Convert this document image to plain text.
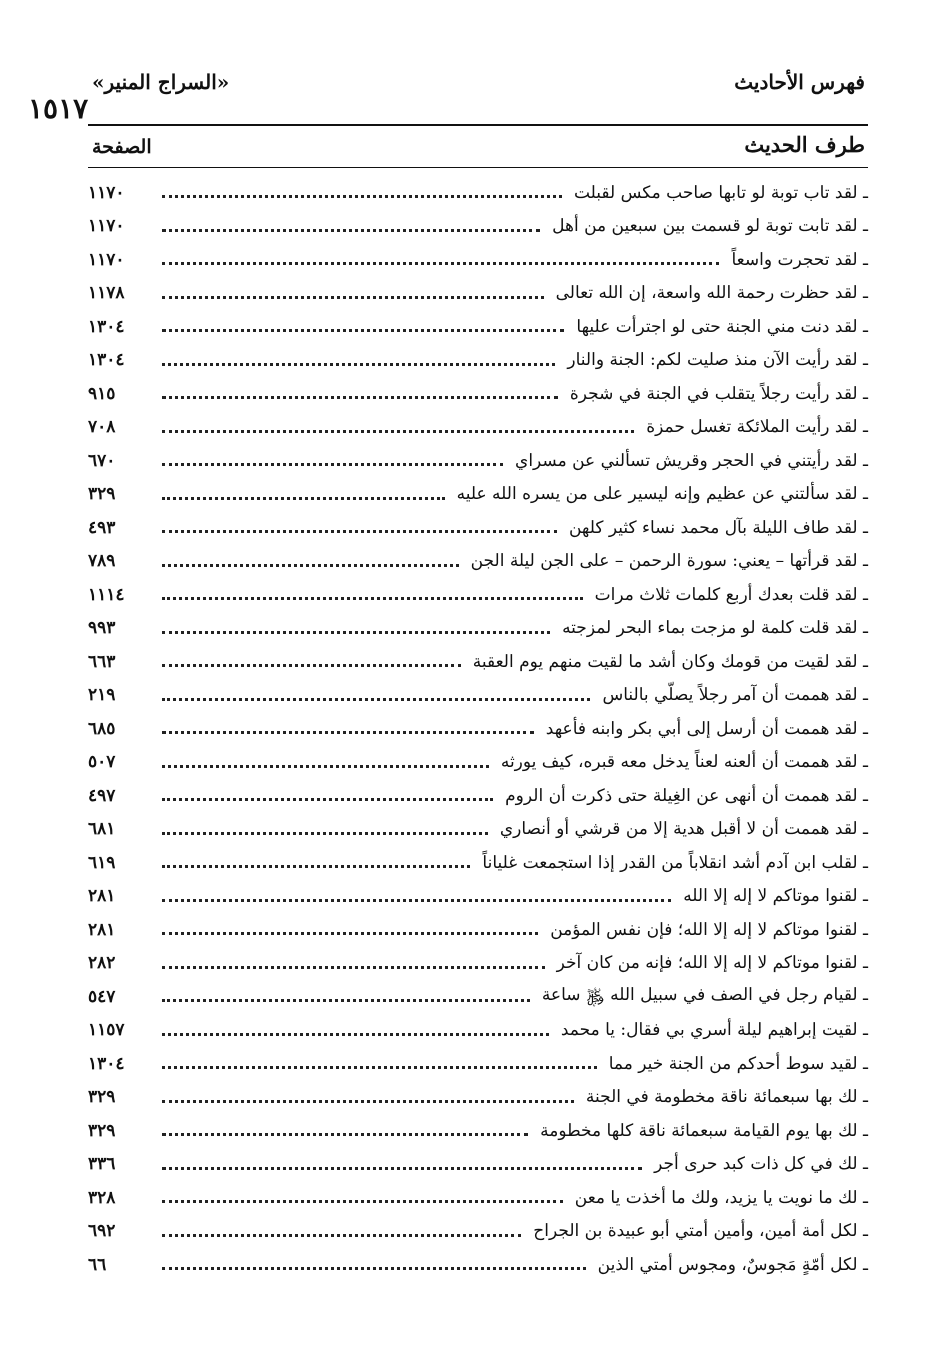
فهرس الأحاديث
«السراج المنير»
١٥١٧
طرف الحديث
الصفحة
ـ لقد تاب توبة لو تابها صاحب مكس لقبلت
١١٧٠
ـ لقد تابت توبة لو قسمت بين سبعين من أهل
١١٧٠
ـ لقد تحجرت واسعاً
١١٧٠
ـ لقد حظرت رحمة الله واسعة، إن الله تعالى
١١٧٨
ـ لقد دنت مني الجنة حتى لو اجترأت عليها
١٣٠٤
ـ لقد رأيت الآن منذ صليت لكم: الجنة والنار
١٣٠٤
ـ لقد رأيت رجلاً يتقلب في الجنة في شجرة
٩١٥
ـ لقد رأيت الملائكة تغسل حمزة
٧٠٨
ـ لقد رأيتني في الحجر وقريش تسألني عن مسراي
٦٧٠
ـ لقد سألتني عن عظيم وإنه ليسير على من يسره الله عليه
٣٢٩
ـ لقد طاف الليلة بآل محمد نساء كثير كلهن
٤٩٣
ـ لقد قرأتها – يعني: سورة الرحمن – على الجن ليلة الجن
٧٨٩
ـ لقد قلت بعدك أربع كلمات ثلاث مرات
١١١٤
ـ لقد قلت كلمة لو مزجت بماء البحر لمزجته
٩٩٣
ـ لقد لقيت من قومك وكان أشد ما لقيت منهم يوم العقبة
٦٦٣
ـ لقد هممت أن آمر رجلاً يصلّي بالناس
٢١٩
ـ لقد هممت أن أرسل إلى أبي بكر وابنه فأعهد
٦٨٥
ـ لقد هممت أن ألعنه لعناً يدخل معه قبره، كيف يورثه
٥٠٧
ـ لقد هممت أن أنهى عن الغِيلة حتى ذكرت أن الروم
٤٩٧
ـ لقد هممت أن لا أقبل هدية إلا من قرشي أو أنصاري
٦٨١
ـ لقلب ابن آدم أشد انقلاباً من القدر إذا استجمعت غلياناً
٦١٩
ـ لقنوا موتاكم لا إله إلا الله
٢٨١
ـ لقنوا موتاكم لا إله إلا الله؛ فإن نفس المؤمن
٢٨١
ـ لقنوا موتاكم لا إله إلا الله؛ فإنه من كان آخر
٢٨٢
ـ لقيام رجل في الصف في سبيل الله ﷿ ساعة
٥٤٧
ـ لقيت إبراهيم ليلة أسري بي فقال: يا محمد
١١٥٧
ـ لقيد سوط أحدكم من الجنة خير مما
١٣٠٤
ـ لك بها سبعمائة ناقة مخطومة في الجنة
٣٢٩
ـ لك بها يوم القيامة سبعمائة ناقة كلها مخطومة
٣٢٩
ـ لك في كل ذات كبد حرى أجر
٣٣٦
ـ لك ما نويت يا يزيد، ولك ما أخذت يا معن
٣٢٨
ـ لكل أمة أمين، وأمين أمتي أبو عبيدة بن الجراح
٦٩٢
ـ لكل أمّةٍ مَجوسٌ، ومجوس أمتي الذين
٦٦
